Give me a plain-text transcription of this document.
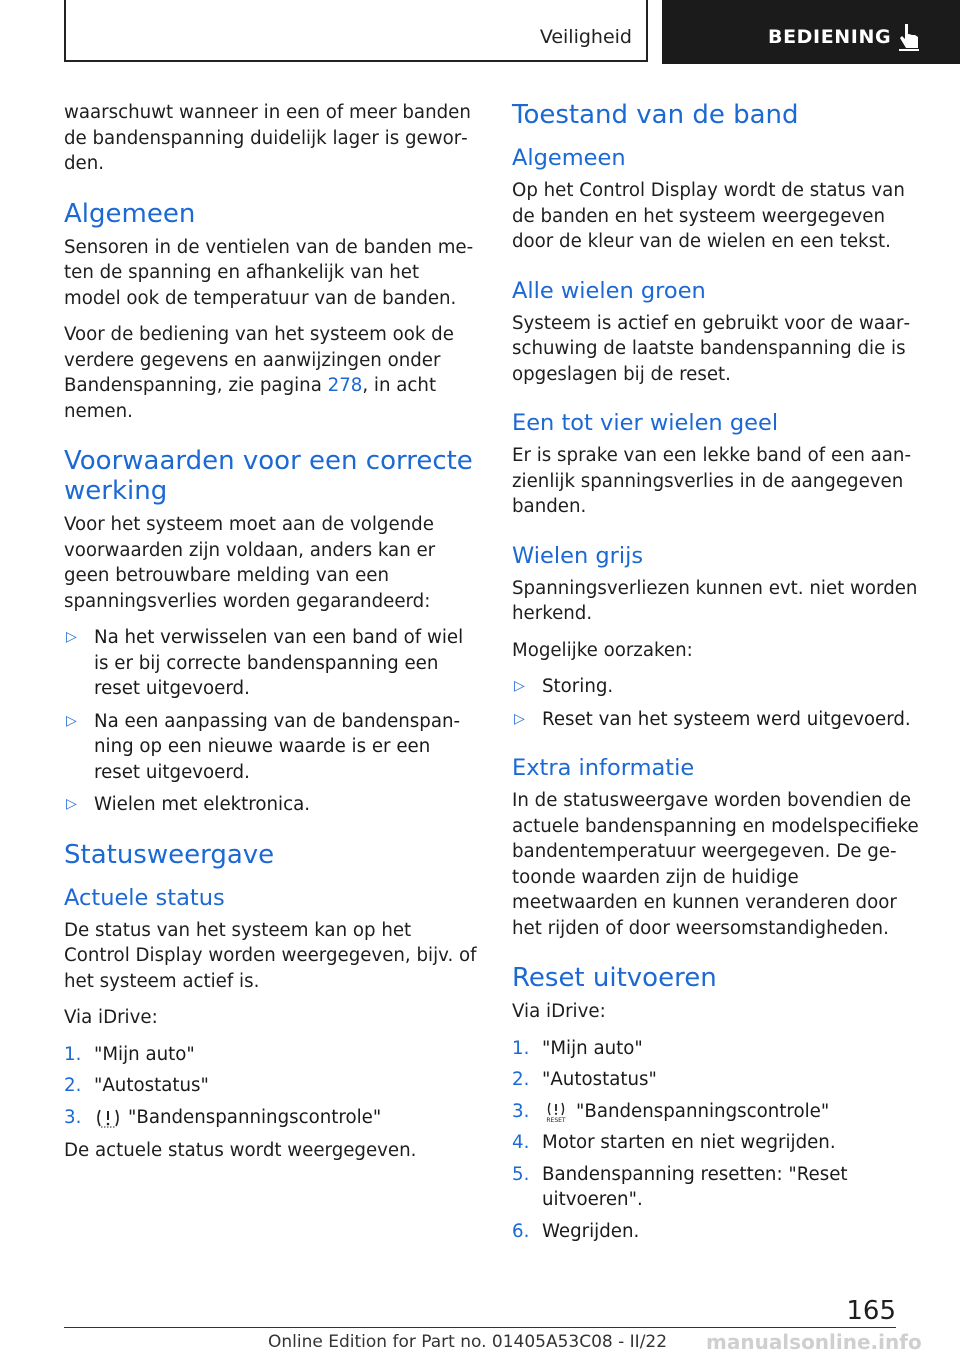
Veiligheid	BEDIENING

waarschuwt wanneer in een of meer banden de bandenspanning duidelijk lager is geworden.

Algemeen

Sensoren in de ventielen van de banden meten de spanning en afhankelijk van het model ook de temperatuur van de banden.

Voor de bediening van het systeem ook de verdere gegevens en aanwijzingen onder Bandenspanning, zie pagina 278, in acht nemen.

Voorwaarden voor een correcte werking

Voor het systeem moet aan de volgende voorwaarden zijn voldaan, anders kan er geen betrouwbare melding van een spanningsverlies worden gegarandeerd:

▷ Na het verwisselen van een band of wiel is er bij correcte bandenspanning een reset uitgevoerd.
▷ Na een aanpassing van de bandenspanning op een nieuwe waarde is er een reset uitgevoerd.
▷ Wielen met elektronica.
Statusweergave
Actuele status

De status van het systeem kan op het Control Display worden weergegeven, bijv. of het systeem actief is.

Via iDrive:

1. "Mijn auto"
2. "Autostatus"
3.	"Bandenspanningscontrole"

De actuele status wordt weergegeven.

Toestand van de band
Algemeen

Op het Control Display wordt de status van de banden en het systeem weergegeven door de kleur van de wielen en een tekst.

Alle wielen groen

Systeem is actief en gebruikt voor de waarschuwing de laatste bandenspanning die is opgeslagen bij de reset.

Een tot vier wielen geel

Er is sprake van een lekke band of een aanzienlijk spanningsverlies in de aangegeven banden.

Wielen grijs

Spanningsverliezen kunnen evt. niet worden herkend.

Mogelijke oorzaken:

▷ Storing.
▷ Reset van het systeem werd uitgevoerd.
Extra informatie

In de statusweergave worden bovendien de actuele bandenspanning en modelspecifieke bandentemperatuur weergegeven. De getoonde waarden zijn de huidige meetwaarden en kunnen veranderen door het rijden of door weersomstandigheden.

Reset uitvoeren

Via iDrive:

1. "Mijn auto"
2. "Autostatus"
3.	RESET "Bandenspanningscontrole"
4. Motor starten en niet wegrijden.
5. Bandenspanning resetten: "Reset uitvoeren".
6. Wegrijden.
165
Online Edition for Part no. 01405A53C08 - II/22 manualsonline.info
